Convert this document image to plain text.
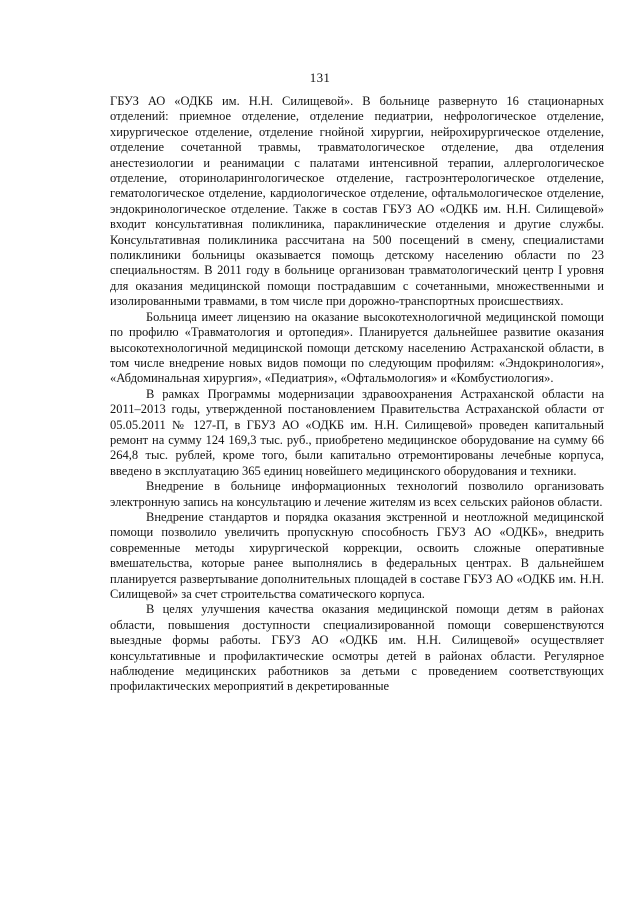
131

ГБУЗ АО «ОДКБ им. Н.Н. Силищевой». В больнице развернуто 16 стационарных отделений: приемное отделение, отделение педиатрии, нефрологическое отделение, хирургическое отделение, отделение гнойной хирургии, нейрохирургическое отделение, отделение сочетанной травмы, травматологическое отделение, два отделения анестезиологии и реанимации с палатами интенсивной терапии, аллергологическое отделение, оториноларингологическое отделение, гастроэнтерологическое отделение, гематологическое отделение, кардиологическое отделение, офтальмологическое отделение, эндокринологическое отделение. Также в состав ГБУЗ АО «ОДКБ им. Н.Н. Силищевой» входит консультативная поликлиника, параклинические отделения и другие службы. Консультативная поликлиника рассчитана на 500 посещений в смену, специалистами поликлиники больницы оказывается помощь детскому населению области по 23 специальностям. В 2011 году в больнице организован травматологический центр I уровня для оказания медицинской помощи пострадавшим с сочетанными, множественными и изолированными травмами, в том числе при дорожно-транспортных происшествиях.

Больница имеет лицензию на оказание высокотехнологичной медицинской помощи по профилю «Травматология и ортопедия». Планируется дальнейшее развитие оказания высокотехнологичной медицинской помощи детскому населению Астраханской области, в том числе внедрение новых видов помощи по следующим профилям: «Эндокринология», «Абдоминальная хирургия», «Педиатрия», «Офтальмология» и «Комбустиология».

В рамках Программы модернизации здравоохранения Астраханской области на 2011–2013 годы, утвержденной постановлением Правительства Астраханской области от 05.05.2011 № 127-П, в ГБУЗ АО «ОДКБ им. Н.Н. Силищевой» проведен капитальный ремонт на сумму 124 169,3 тыс. руб., приобретено медицинское оборудование на сумму 66 264,8 тыс. рублей, кроме того, были капитально отремонтированы лечебные корпуса, введено в эксплуатацию 365 единиц новейшего медицинского оборудования и техники.

Внедрение в больнице информационных технологий позволило организовать электронную запись на консультацию и лечение жителям из всех сельских районов области.

Внедрение стандартов и порядка оказания экстренной и неотложной медицинской помощи позволило увеличить пропускную способность ГБУЗ АО «ОДКБ», внедрить современные методы хирургической коррекции, освоить сложные оперативные вмешательства, которые ранее выполнялись в федеральных центрах. В дальнейшем планируется развертывание дополнительных площадей в составе ГБУЗ АО «ОДКБ им. Н.Н. Силищевой» за счет строительства соматического корпуса.

В целях улучшения качества оказания медицинской помощи детям в районах области, повышения доступности специализированной помощи совершенствуются выездные формы работы. ГБУЗ АО «ОДКБ им. Н.Н. Силищевой» осуществляет консультативные и профилактические осмотры детей в районах области. Регулярное наблюдение медицинских работников за детьми с проведением соответствующих профилактических мероприятий в декретированные
